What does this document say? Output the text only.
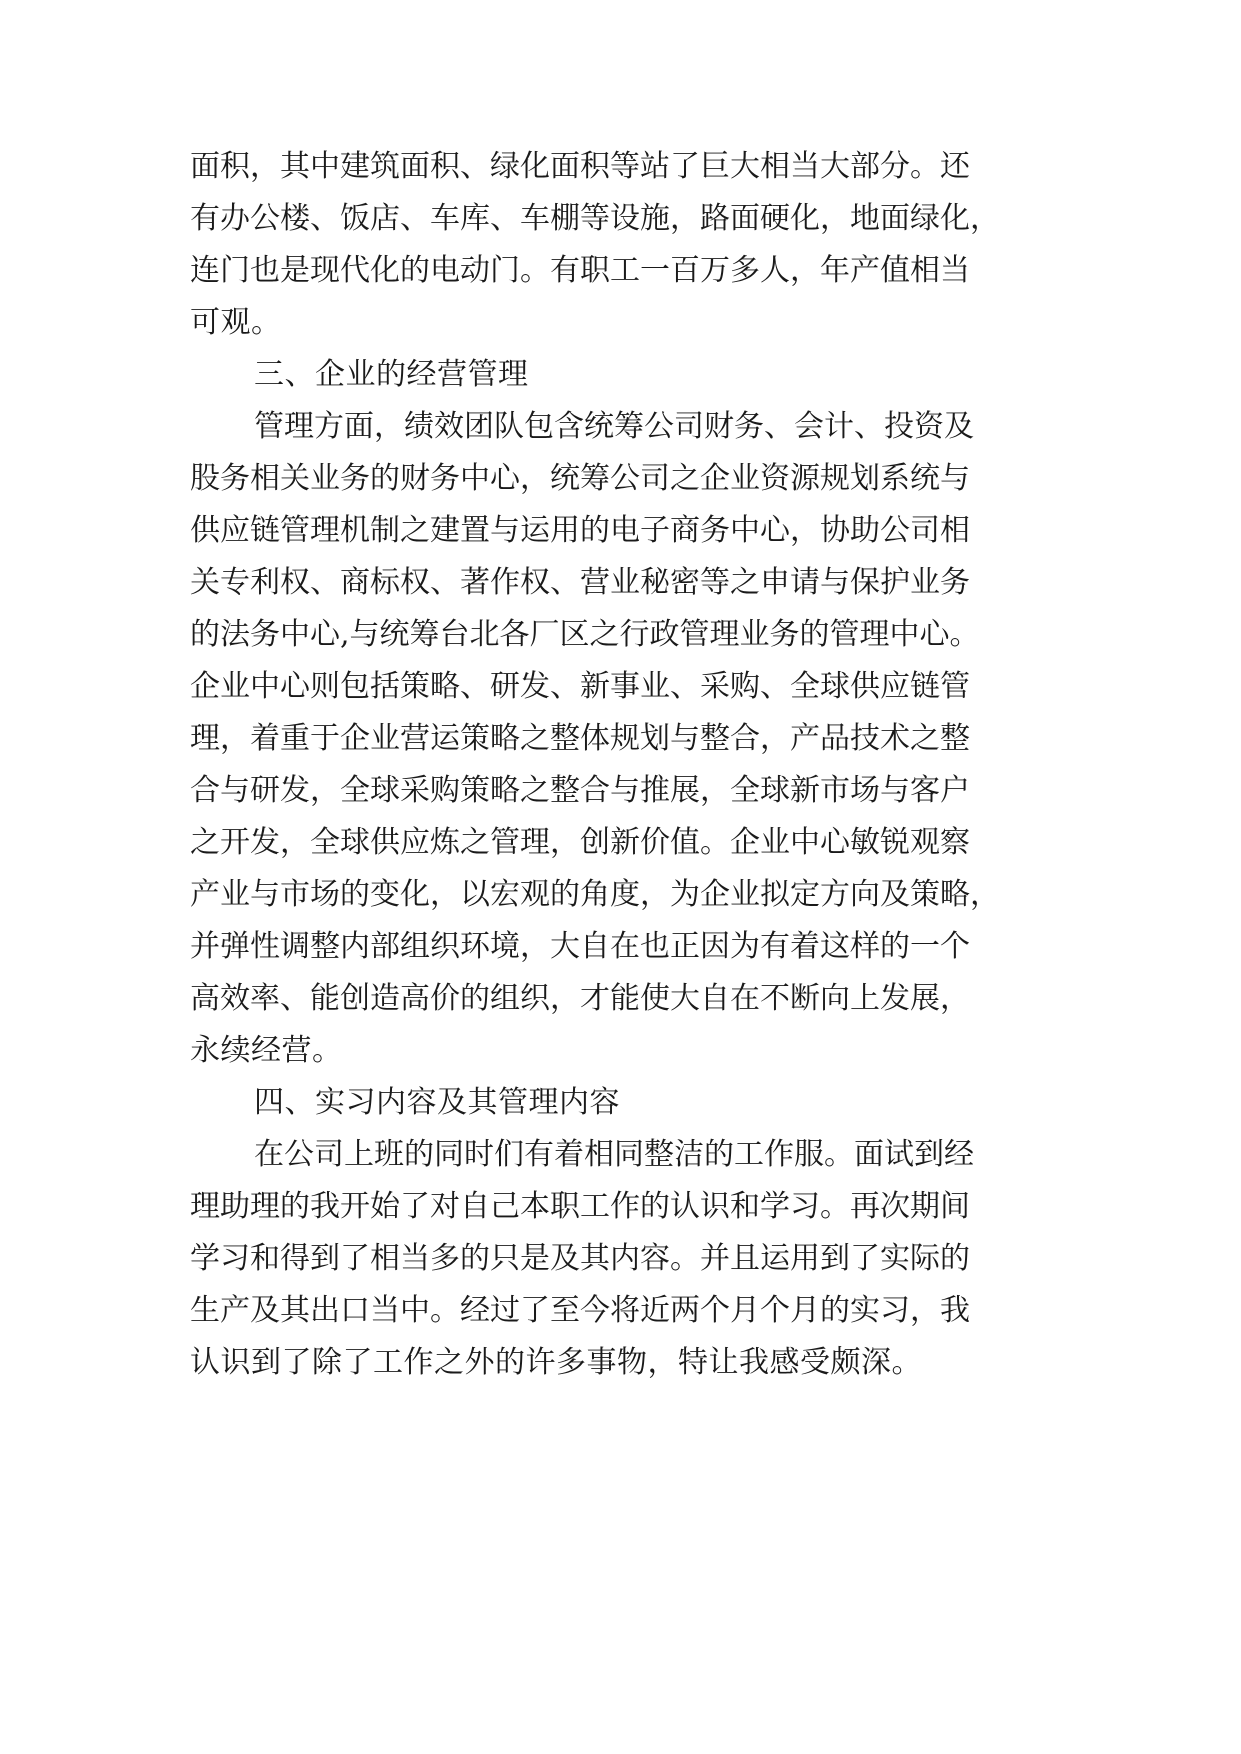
面积，其中建筑面积、绿化面积等站了巨大相当大部分。还
有办公楼、饭店、车库、车棚等设施，路面硬化，地面绿化，
连门也是现代化的电动门。有职工一百万多人，年产值相当
可观。
三、企业的经营管理
管理方面，绩效团队包含统筹公司财务、会计、投资及
股务相关业务的财务中心，统筹公司之企业资源规划系统与
供应链管理机制之建置与运用的电子商务中心，协助公司相
关专利权、商标权、著作权、营业秘密等之申请与保护业务
的法务中心,与统筹台北各厂区之行政管理业务的管理中心。
企业中心则包括策略、研发、新事业、采购、全球供应链管
理，着重于企业营运策略之整体规划与整合，产品技术之整
合与研发，全球采购策略之整合与推展，全球新市场与客户
之开发，全球供应炼之管理，创新价值。企业中心敏锐观察
产业与市场的变化，以宏观的角度，为企业拟定方向及策略，
并弹性调整内部组织环境，大自在也正因为有着这样的一个
高效率、能创造高价的组织，才能使大自在不断向上发展，
永续经营。
四、实习内容及其管理内容
在公司上班的同时们有着相同整洁的工作服。面试到经
理助理的我开始了对自己本职工作的认识和学习。再次期间
学习和得到了相当多的只是及其内容。并且运用到了实际的
生产及其出口当中。经过了至今将近两个月个月的实习，我
认识到了除了工作之外的许多事物，特让我感受颇深。
